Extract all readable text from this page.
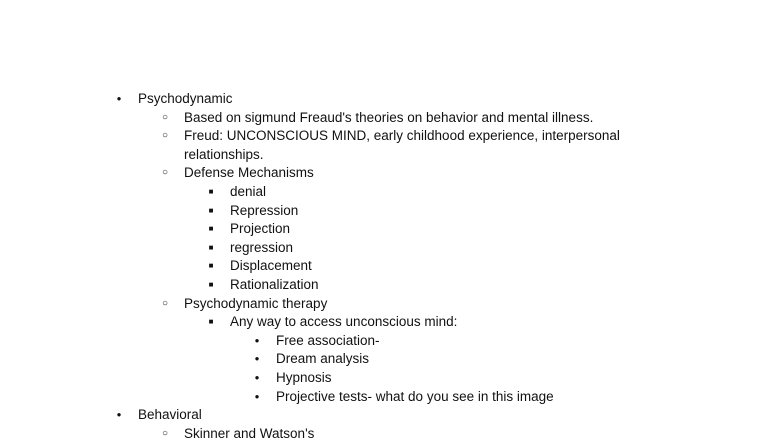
●
Psychodynamic
○
Based on sigmund Freaud's theories on behavior and mental illness.
○
Freud: UNCONSCIOUS MIND, early childhood experience, interpersonal
relationships.
○
Defense Mechanisms
■
denial
■
Repression
■
Projection
■
regression
■
Displacement
■
Rationalization
○
Psychodynamic therapy
■
Any way to access unconscious mind:
●
Free association-
●
Dream analysis
●
Hypnosis
●
Projective tests- what do you see in this image
●
Behavioral
○
Skinner and Watson's
